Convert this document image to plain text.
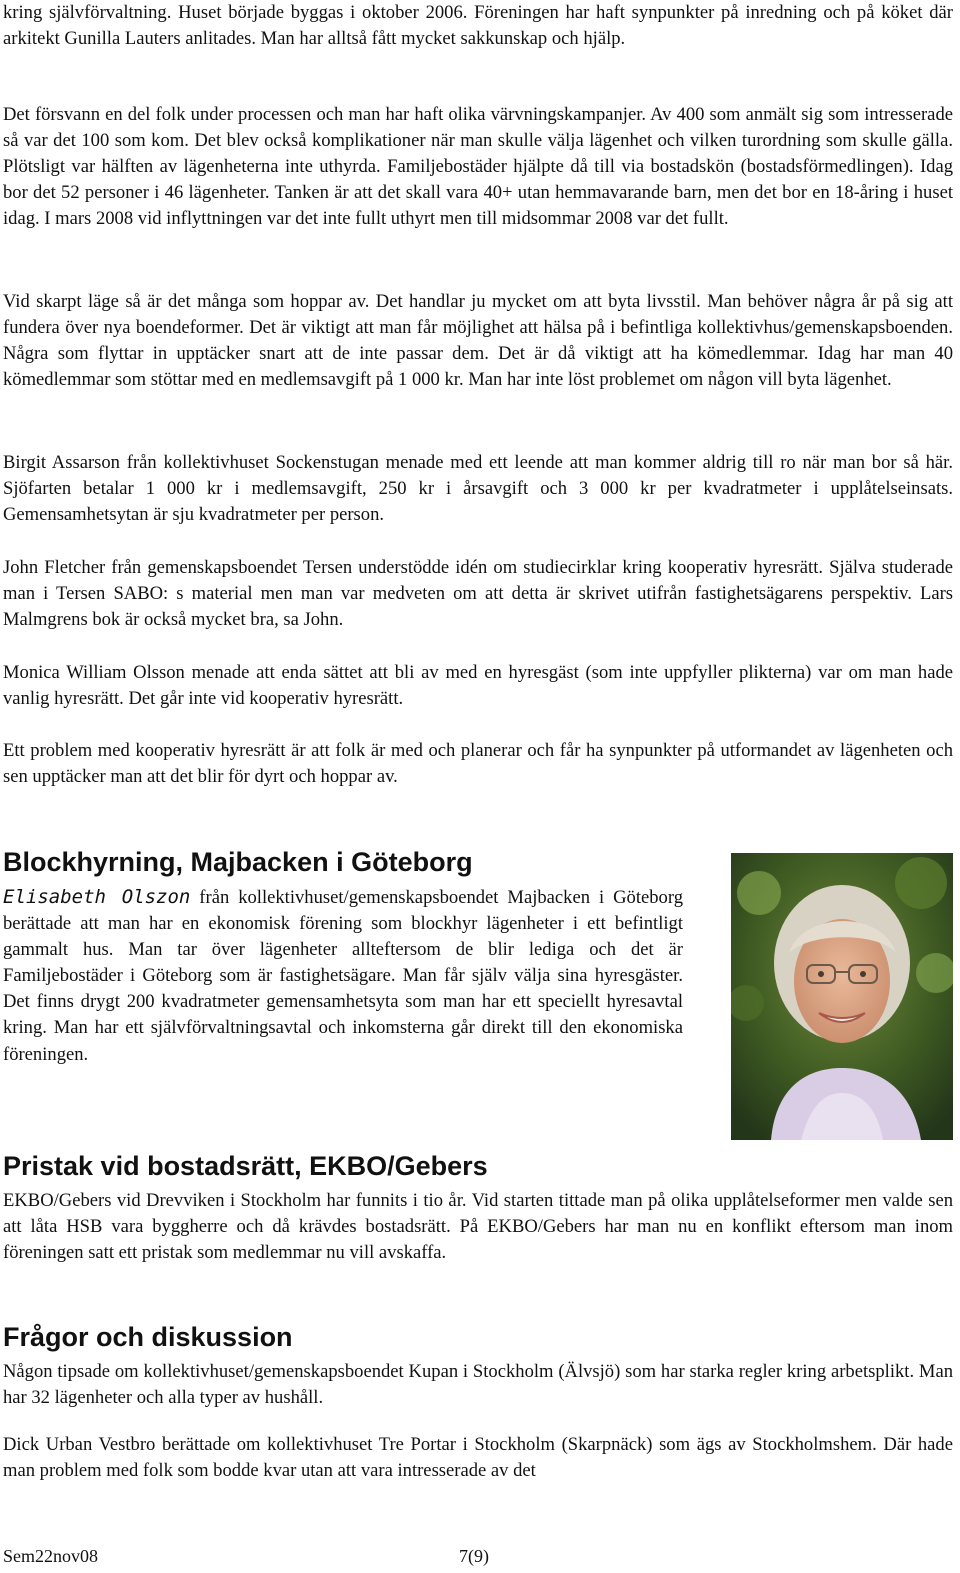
kring självförvaltning. Huset började byggas i oktober 2006. Föreningen har haft synpunkter på inredning och på köket där arkitekt Gunilla Lauters anlitades. Man har alltså fått mycket sakkunskap och hjälp.

Det försvann en del folk under processen och man har haft olika värvningskampanjer. Av 400 som anmält sig som intresserade så var det 100 som kom. Det blev också komplikationer när man skulle välja lägenhet och vilken turordning som skulle gälla. Plötsligt var hälften av lägenheterna inte uthyrda. Familjebostäder hjälpte då till via bostadskön (bostadsförmedlingen). Idag bor det 52 personer i 46 lägenheter. Tanken är att det skall vara 40+ utan hemmavarande barn, men det bor en 18-åring i huset idag. I mars 2008 vid inflyttningen var det inte fullt uthyrt men till midsommar 2008 var det fullt.

Vid skarpt läge så är det många som hoppar av. Det handlar ju mycket om att byta livsstil. Man behöver några år på sig att fundera över nya boendeformer. Det är viktigt att man får möjlighet att hälsa på i befintliga kollektivhus/gemenskapsboenden. Några som flyttar in upptäcker snart att de inte passar dem. Det är då viktigt att ha kömedlemmar. Idag har man 40 kömedlemmar som stöttar med en medlemsavgift på 1 000 kr. Man har inte löst problemet om någon vill byta lägenhet.

Birgit Assarson från kollektivhuset Sockenstugan menade med ett leende att man kommer aldrig till ro när man bor så här. Sjöfarten betalar 1 000 kr i medlemsavgift, 250 kr i årsavgift och 3 000 kr per kvadratmeter i upplåtelseinsats. Gemensamhetsytan är sju kvadratmeter per person.

John Fletcher från gemenskapsboendet Tersen understödde idén om studiecirklar kring kooperativ hyresrätt. Själva studerade man i Tersen SABO: s material men man var medveten om att detta är skrivet utifrån fastighetsägarens perspektiv. Lars Malmgrens bok är också mycket bra, sa John.

Monica William Olsson menade att enda sättet att bli av med en hyresgäst (som inte uppfyller plikterna) var om man hade vanlig hyresrätt. Det går inte vid kooperativ hyresrätt.

Ett problem med kooperativ hyresrätt är att folk är med och planerar och får ha synpunkter på utformandet av lägenheten och sen upptäcker man att det blir för dyrt och hoppar av.

Blockhyrning, Majbacken i Göteborg

Elisabeth Olszon från kollektivhuset/gemenskapsboendet Majbacken i Göteborg berättade att man har en ekonomisk förening som blockhyr lägenheter i ett befintligt gammalt hus. Man tar över lägenheter allteftersom de blir lediga och det är Familjebostäder i Göteborg som är fastighetsägare. Man får själv välja sina hyresgäster. Det finns drygt 200 kvadratmeter gemensamhetsyta som man har ett speciellt hyresavtal kring. Man har ett självförvaltningsavtal och inkomsterna går direkt till den ekonomiska föreningen.

Pristak vid bostadsrätt, EKBO/Gebers

EKBO/Gebers vid Drevviken i Stockholm har funnits i tio år. Vid starten tittade man på olika upplåtelseformer men valde sen att låta HSB vara byggherre och då krävdes bostadsrätt. På EKBO/Gebers har man nu en konflikt eftersom man inom föreningen satt ett pristak som medlemmar nu vill avskaffa.

Frågor och diskussion

Någon tipsade om kollektivhuset/gemenskapsboendet Kupan i Stockholm (Älvsjö) som har starka regler kring arbetsplikt. Man har 32 lägenheter och alla typer av hushåll.

Dick Urban Vestbro berättade om kollektivhuset Tre Portar i Stockholm (Skarpnäck) som ägs av Stockholmshem. Där hade man problem med folk som bodde kvar utan att vara intresserade av det

Sem22nov08	7(9)
